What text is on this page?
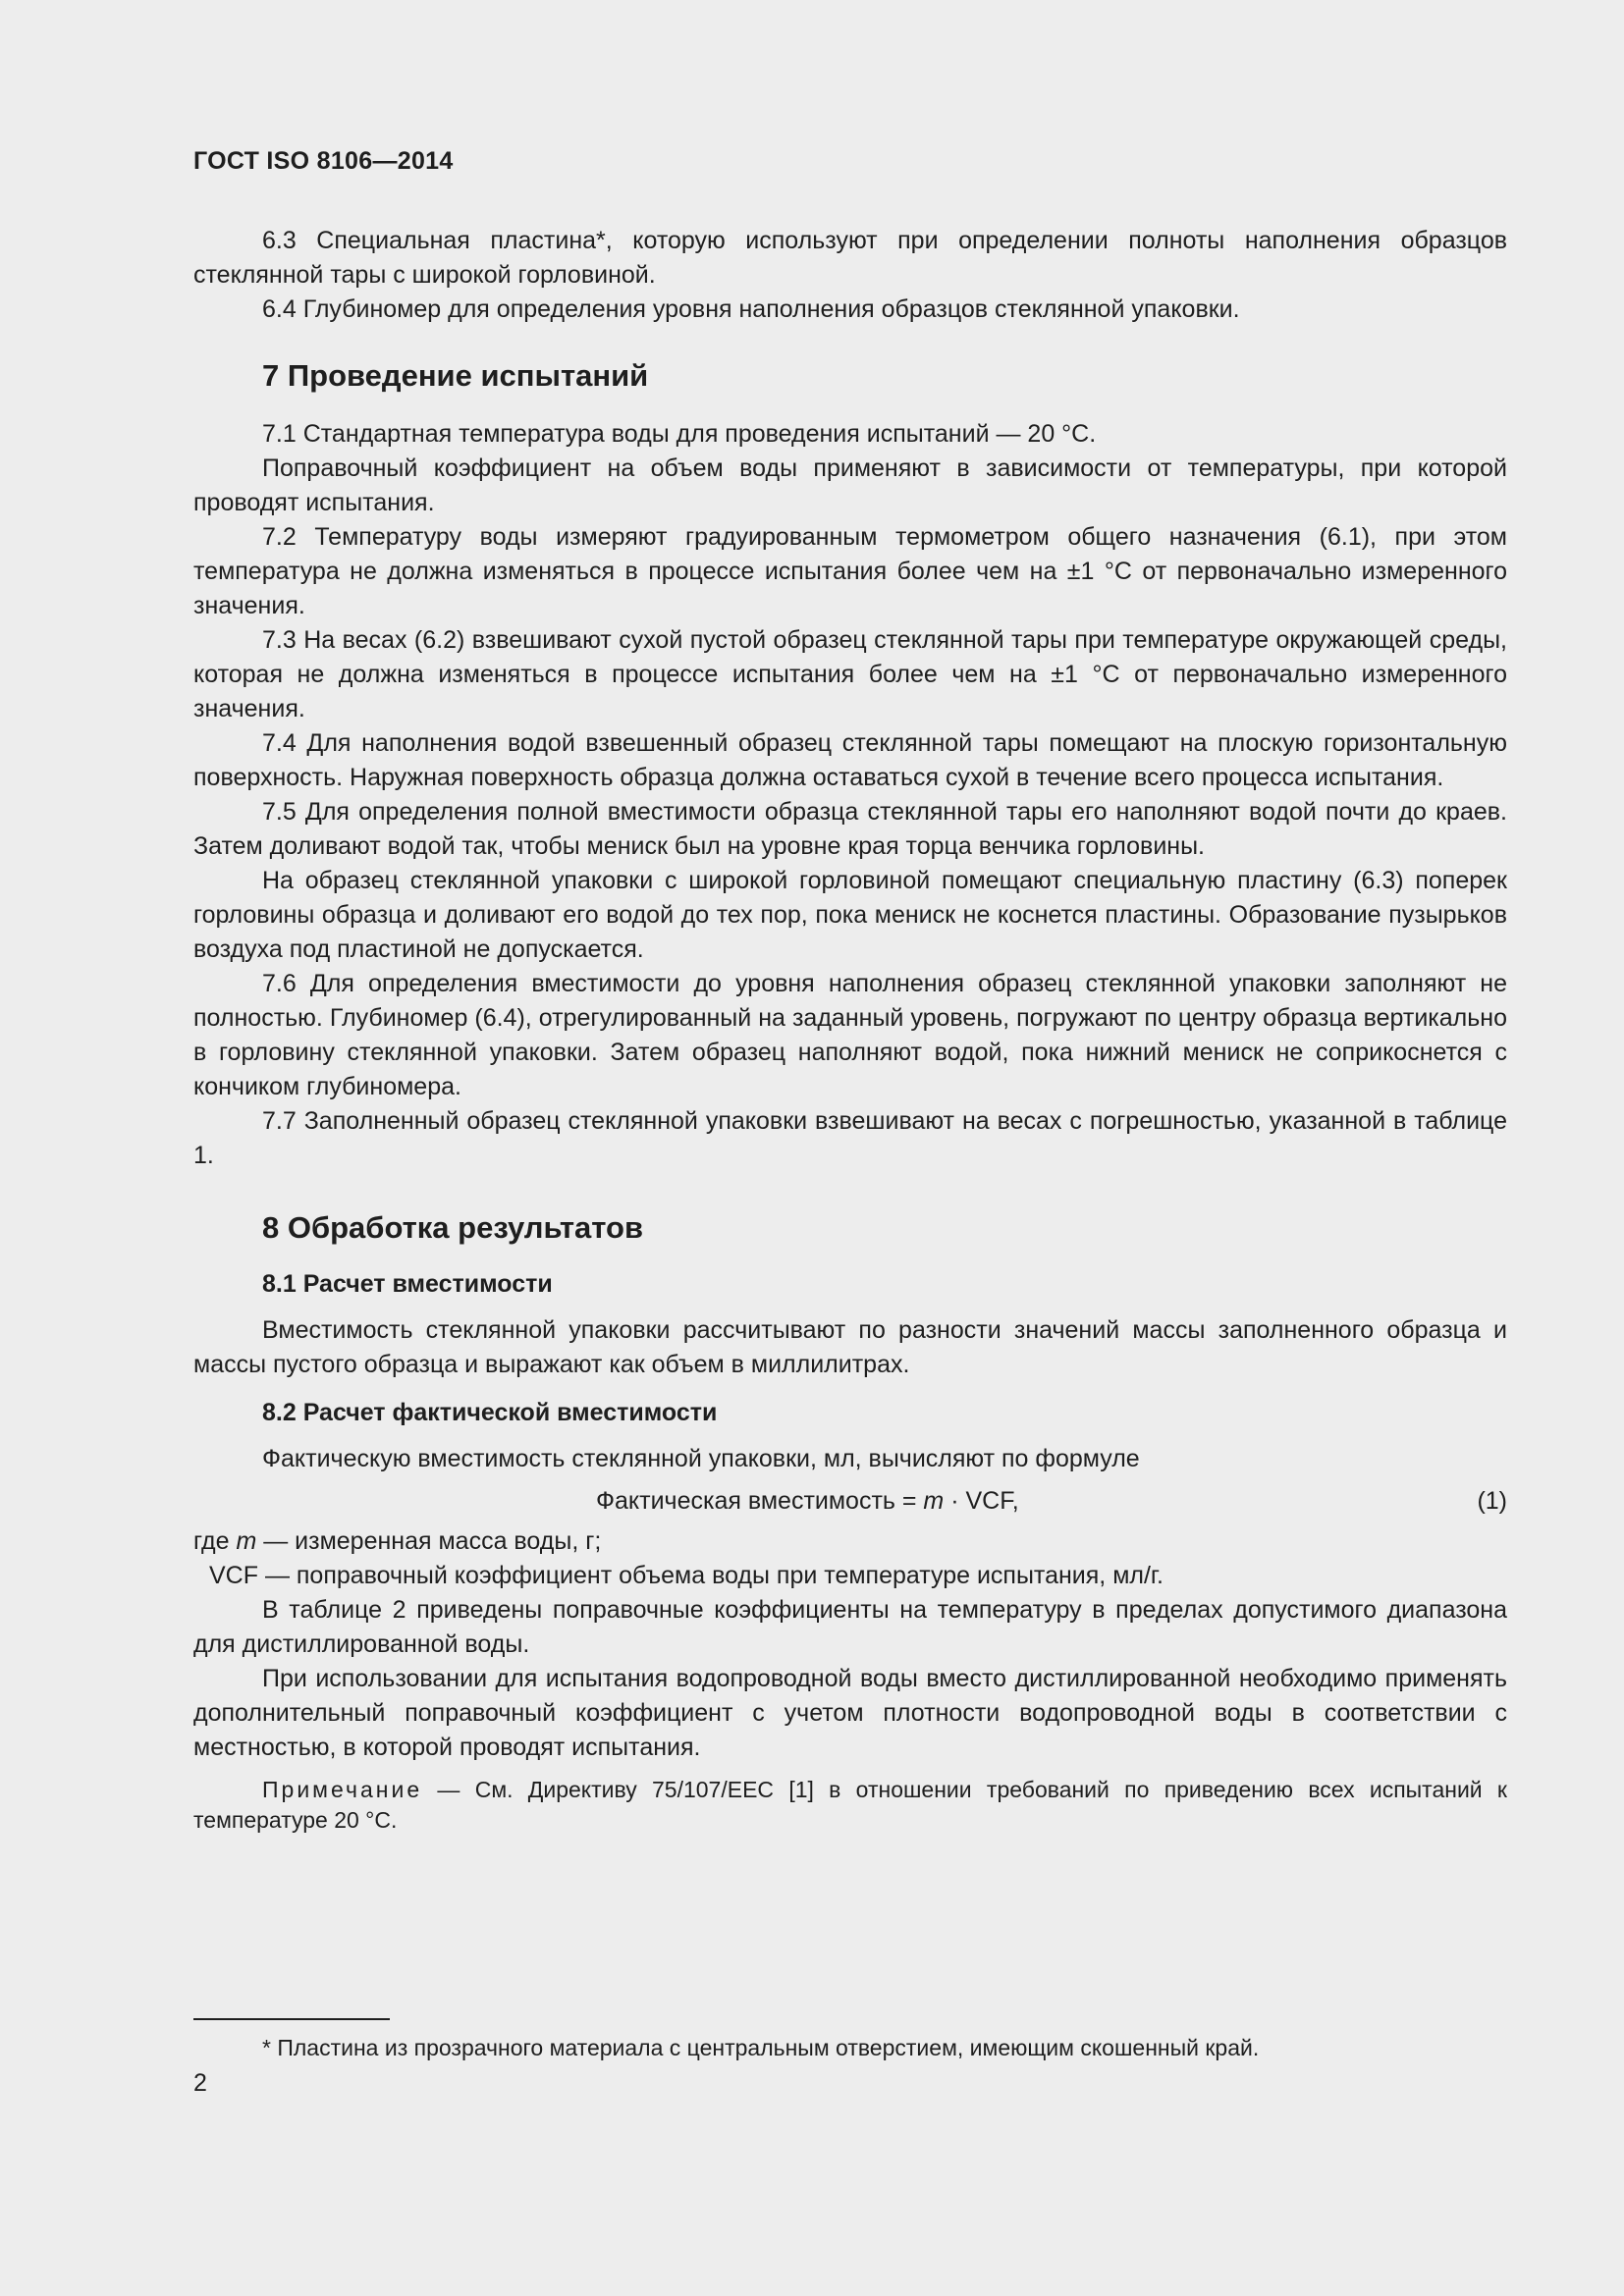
ГОСТ ISO 8106—2014

6.3 Специальная пластина*, которую используют при определении полноты наполнения образцов стеклянной тары с широкой горловиной.

6.4 Глубиномер для определения уровня наполнения образцов стеклянной упаковки.

7 Проведение испытаний

7.1 Стандартная температура воды для проведения испытаний — 20 °С.

Поправочный коэффициент на объем воды применяют в зависимости от температуры, при которой проводят испытания.

7.2 Температуру воды измеряют градуированным термометром общего назначения (6.1), при этом температура не должна изменяться в процессе испытания более чем на ±1 °С от первоначально измеренного значения.

7.3 На весах (6.2) взвешивают сухой пустой образец стеклянной тары при температуре окружающей среды, которая не должна изменяться в процессе испытания более чем на ±1 °С от первоначально измеренного значения.

7.4 Для наполнения водой взвешенный образец стеклянной тары помещают на плоскую горизонтальную поверхность. Наружная поверхность образца должна оставаться сухой в течение всего процесса испытания.

7.5 Для определения полной вместимости образца стеклянной тары его наполняют водой почти до краев. Затем доливают водой так, чтобы мениск был на уровне края торца венчика горловины.

На образец стеклянной упаковки с широкой горловиной помещают специальную пластину (6.3) поперек горловины образца и доливают его водой до тех пор, пока мениск не коснется пластины. Образование пузырьков воздуха под пластиной не допускается.

7.6 Для определения вместимости до уровня наполнения образец стеклянной упаковки заполняют не полностью. Глубиномер (6.4), отрегулированный на заданный уровень, погружают по центру образца вертикально в горловину стеклянной упаковки. Затем образец наполняют водой, пока нижний мениск не соприкоснется с кончиком глубиномера.

7.7 Заполненный образец стеклянной упаковки взвешивают на весах с погрешностью, указанной в таблице 1.

8 Обработка результатов
8.1 Расчет вместимости

Вместимость стеклянной упаковки рассчитывают по разности значений массы заполненного образца и массы пустого образца и выражают как объем в миллилитрах.

8.2 Расчет фактической вместимости

Фактическую вместимость стеклянной упаковки, мл, вычисляют по формуле

Фактическая вместимость = m · VCF,	(1)

где m — измеренная масса воды, г;

VCF — поправочный коэффициент объема воды при температуре испытания, мл/г.

В таблице 2 приведены поправочные коэффициенты на температуру в пределах допустимого диапазона для дистиллированной воды.

При использовании для испытания водопроводной воды вместо дистиллированной необходимо применять дополнительный поправочный коэффициент с учетом плотности водопроводной воды в соответствии с местностью, в которой проводят испытания.

Примечание — См. Директиву 75/107/ЕЕС [1] в отношении требований по приведению всех испытаний к температуре 20 °С.

* Пластина из прозрачного материала с центральным отверстием, имеющим скошенный край.
2
